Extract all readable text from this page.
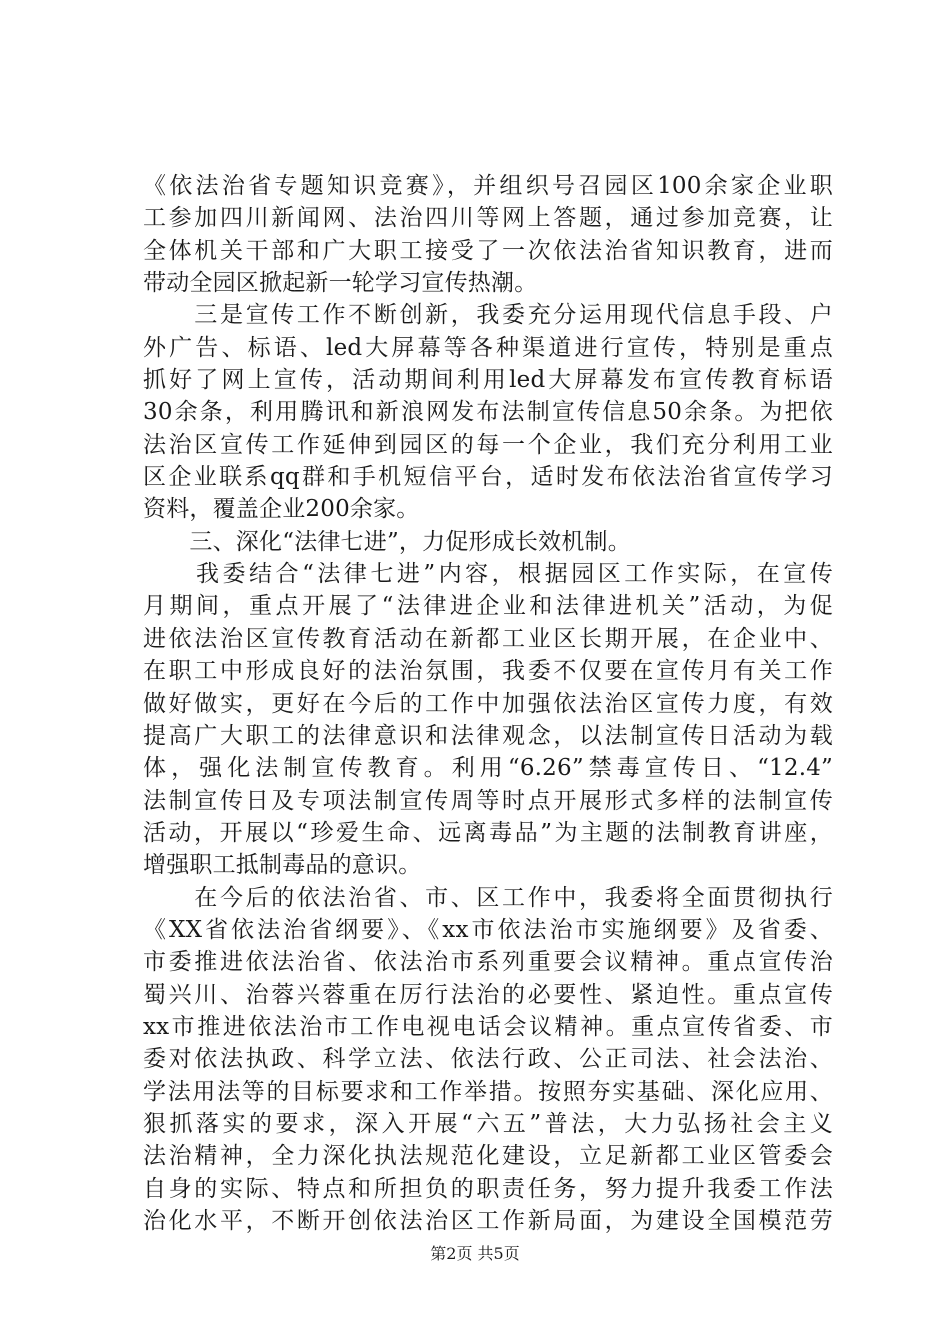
《依法治省专题知识竞赛》，并组织号召园区100余家企业职
工参加四川新闻网、法治四川等网上答题，通过参加竞赛，让
全体机关干部和广大职工接受了一次依法治省知识教育，进而
带动全园区掀起新一轮学习宣传热潮。
　　三是宣传工作不断创新，我委充分运用现代信息手段、户
外广告、标语、led大屏幕等各种渠道进行宣传，特别是重点
抓好了网上宣传，活动期间利用led大屏幕发布宣传教育标语
30余条，利用腾讯和新浪网发布法制宣传信息50余条。为把依
法治区宣传工作延伸到园区的每一个企业，我们充分利用工业
区企业联系qq群和手机短信平台，适时发布依法治省宣传学习
资料，覆盖企业200余家。
　　三、深化“法律七进”，力促形成长效机制。
　　我委结合“法律七进”内容，根据园区工作实际，在宣传
月期间，重点开展了“法律进企业和法律进机关”活动，为促
进依法治区宣传教育活动在新都工业区长期开展，在企业中、
在职工中形成良好的法治氛围，我委不仅要在宣传月有关工作
做好做实，更好在今后的工作中加强依法治区宣传力度，有效
提高广大职工的法律意识和法律观念，以法制宣传日活动为载
体，强化法制宣传教育。利用“6.26”禁毒宣传日、“12.4”
法制宣传日及专项法制宣传周等时点开展形式多样的法制宣传
活动，开展以“珍爱生命、远离毒品”为主题的法制教育讲座，
增强职工抵制毒品的意识。
　　在今后的依法治省、市、区工作中，我委将全面贯彻执行
《XX省依法治省纲要》、《xx市依法治市实施纲要》及省委、
市委推进依法治省、依法治市系列重要会议精神。重点宣传治
蜀兴川、治蓉兴蓉重在厉行法治的必要性、紧迫性。重点宣传
xx市推进依法治市工作电视电话会议精神。重点宣传省委、市
委对依法执政、科学立法、依法行政、公正司法、社会法治、
学法用法等的目标要求和工作举措。按照夯实基础、深化应用、
狠抓落实的要求，深入开展“六五”普法，大力弘扬社会主义
法治精神，全力深化执法规范化建设，立足新都工业区管委会
自身的实际、特点和所担负的职责任务，努力提升我委工作法
治化水平，不断开创依法治区工作新局面，为建设全国模范劳
第2页 共5页
